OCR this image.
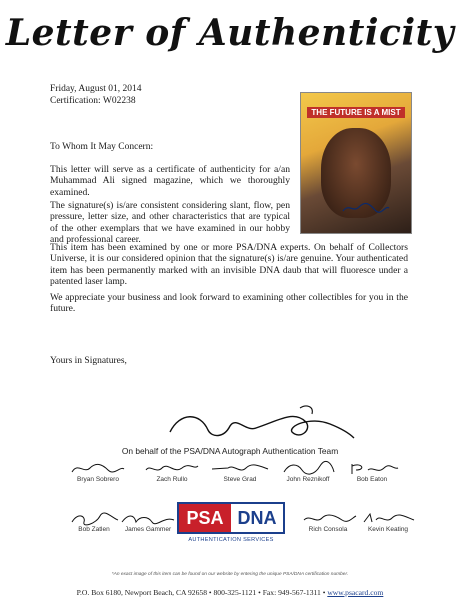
Letter of Authenticity
Friday, August 01, 2014
Certification: W02238
THE FUTURE IS A MIST
To Whom It May Concern:
This letter will serve as a certificate of authenticity for a/an Muhammad Ali signed magazine, which we thoroughly examined.
The signature(s) is/are consistent considering slant, flow, pen pressure, letter size, and other characteristics that are typical of the other exemplars that we have examined in our hobby and professional career.
This item has been examined by one or more PSA/DNA experts. On behalf of Collectors Universe, it is our considered opinion that the signature(s) is/are genuine. Your authenticated item has been permanently marked with an invisible DNA daub that will fluoresce under a patented laser lamp.
We appreciate your business and look forward to examining other collectibles for you in the future.
Yours in Signatures,
On behalf of the PSA/DNA Autograph Authentication Team
Bryan Sobrero	Zach Rullo	Steve Grad	John Reznikoff	Bob Eaton
Bob Zatlen	James Gammer
PSA DNA
AUTHENTICATION SERVICES
Rich Consola	Kevin Keating
*An exact image of this item can be found on our website by entering the unique PSA/DNA certification number.
P.O. Box 6180, Newport Beach, CA 92658 • 800-325-1121 • Fax: 949-567-1311 • www.psacard.com
